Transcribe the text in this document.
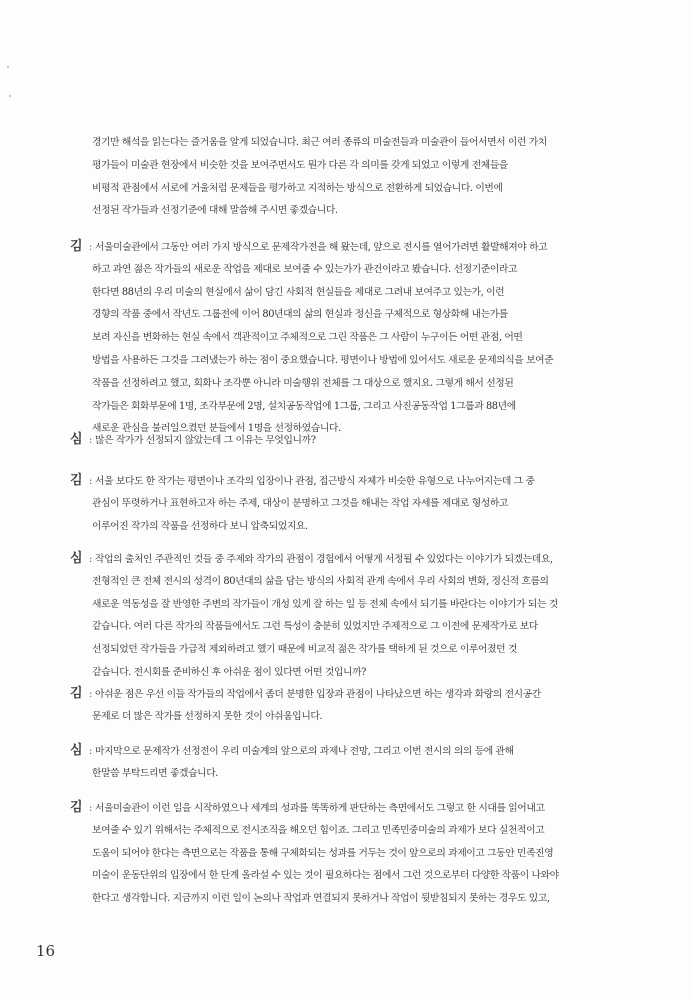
경기만 해석을 읽는다는 즐거움을 알게 되었습니다. 최근 여러 종류의 미술전들과 미술관이 들어서면서 이런 가치
평가들이 미술관 현장에서 비슷한 것을 보여주면서도 뭔가 다른 각 의미를 갖게 되었고 이렇게 전체들을
비평적 관점에서 서로에 거울처럼 문제들을 평가하고 지적하는 방식으로 전환하게 되었습니다. 이번에
선정된 작가들과 선정기준에 대해 말씀해 주시면 좋겠습니다.
김 : 서울미술관에서 그동안 여러 가지 방식으로 문제작가전을 해 왔는데, 앞으로 전시를 열어가려면 활발해져야 하고
하고 과연 젊은 작가들의 새로운 작업을 제대로 보여줄 수 있는가가 관건이라고 봤습니다. 선정기준이라고
한다면 88년의 우리 미술의 현실에서 삶이 담긴 사회적 현실들을 제대로 그려내 보여주고 있는가, 이런
경향의 작품 중에서 작년도 그룹전에 이어 80년대의 삶의 현실과 정신을 구체적으로 형상화해 내는가를
보려 자신을 변화하는 현실 속에서 객관적이고 주체적으로 그린 작품은 그 사람이 누구이든 어떤 관점, 어떤
방법을 사용하든 그것을 그려냈는가 하는 점이 중요했습니다. 평면이나 방법에 있어서도 새로운 문제의식을 보여준
작품을 선정하려고 했고, 회화나 조각뿐 아니라 미술행위 전체를 그 대상으로 했지요. 그렇게 해서 선정된
작가들은 회화부문에 1명, 조각부문에 2명, 설치공동작업에 1그룹, 그리고 사진공동작업 1그룹과 88년에
새로운 관심을 불러일으켰던 분들에서 1명을 선정하였습니다.
심 : 많은 작가가 선정되지 않았는데 그 이유는 무엇입니까?
김 : 서울 보다도 한 작가는 평면이나 조각의 입장이나 관점, 접근방식 자체가 비슷한 유형으로 나누어지는데 그 중
관심이 뚜렷하거나 표현하고자 하는 주제, 대상이 분명하고 그것을 해내는 작업 자세를 제대로 형성하고
이루어진 작가의 작품을 선정하다 보니 압축되었지요.
심 : 작업의 출처인 주관적인 것들 중 주제와 작가의 관점이 경험에서 어떻게 서정될 수 있었다는 이야기가 되겠는데요,
전형적인 큰 전체 전시의 성격이 80년대의 삶을 담는 방식의 사회적 관계 속에서 우리 사회의 변화, 정신적 흐름의
새로운 역동성을 잘 반영한 주변의 작가들이 개성 있게 잘 하는 일 등 전체 속에서 되기를 바란다는 이야기가 되는 것
같습니다. 여러 다른 작가의 작품들에서도 그런 특성이 충분히 있었지만 주제적으로 그 이전에 문제작가로 보다
선정되었던 작가들을 가급적 제외하려고 했기 때문에 비교적 젊은 작가를 택하게 된 것으로 이루어졌던 것
같습니다. 전시회를 준비하신 후 아쉬운 점이 있다면 어떤 것입니까?
김 : 아쉬운 점은 우선 이들 작가들의 작업에서 좀더 분명한 입장과 관점이 나타났으면 하는 생각과 화랑의 전시공간
문제로 더 많은 작가를 선정하지 못한 것이 아쉬움입니다.
심 : 마지막으로 문제작가 선정전이 우리 미술계의 앞으로의 과제나 전망, 그리고 이번 전시의 의의 등에 관해
한말씀 부탁드리면 좋겠습니다.
김 : 서울미술관이 이런 일을 시작하였으나 세계의 성과를 똑똑하게 판단하는 측면에서도 그렇고 한 시대를 읽어내고
보여줄 수 있기 위해서는 주체적으로 전시조직을 해오던 힘이죠. 그리고 민족민중미술의 과제가 보다 실천적이고
도움이 되어야 한다는 측면으로는 작품을 통해 구체화되는 성과를 거두는 것이 앞으로의 과제이고 그동안 민족진영
미술이 운동단위의 입장에서 한 단계 올라설 수 있는 것이 필요하다는 점에서 그런 것으로부터 다양한 작품이 나와야
한다고 생각합니다. 지금까지 이런 일이 논의나 작업과 연결되지 못하거나 작업이 뒷받침되지 못하는 경우도 있고,
16
